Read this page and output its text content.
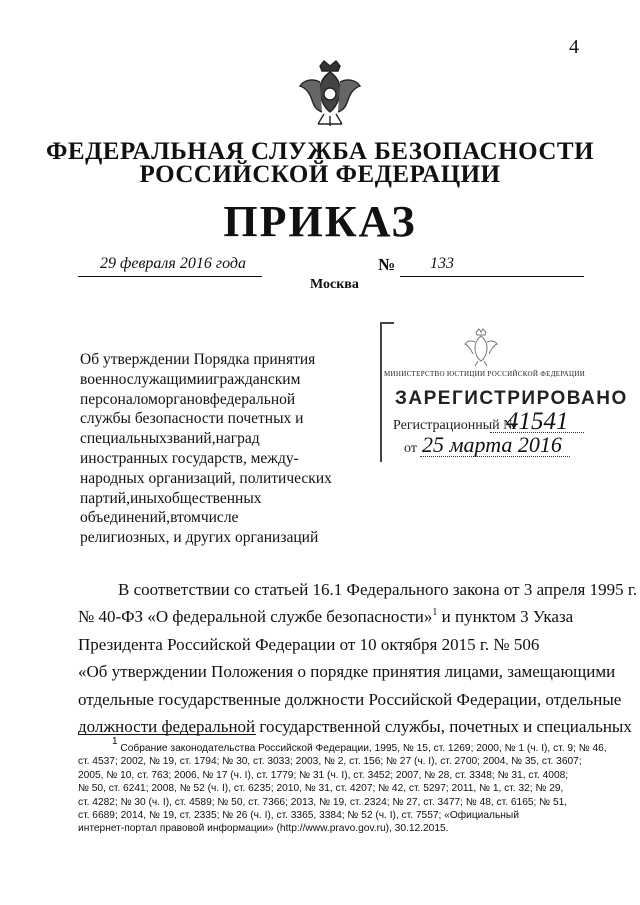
4
ФЕДЕРАЛЬНАЯ СЛУЖБА БЕЗОПАСНОСТИ
РОССИЙСКОЙ ФЕДЕРАЦИИ
ПРИКАЗ
29 февраля 2016 года	№ 133
Москва
Об утверждении Порядка принятия
военнослужащимиигражданским
персоналоморгановфедеральной
службы безопасности почетных и
специальныхзваний,наград
иностранных государств, между-
народных организаций, политических
партий,иныхобщественных
объединений,втомчисле
религиозных, и других организаций
МИНИСТЕРСТВО ЮСТИЦИИ РОССИЙСКОЙ ФЕДЕРАЦИИ
ЗАРЕГИСТРИРОВАНО
Регистрационный №
41541
от 25 марта 2016
В соответствии со статьей 16.1 Федерального закона от 3 апреля 1995 г.
№ 40-ФЗ «О федеральной службе безопасности»$^1$ и пунктом 3 Указа
Президента Российской Федерации от 10 октября 2015 г. № 506
«Об утверждении Положения о порядке принятия лицами, замещающими
отдельные государственные должности Российской Федерации, отдельные
должности федеральной государственной службы, почетных и специальных
$^1$ Собрание законодательства Российской Федерации, 1995, № 15, ст. 1269; 2000, № 1 (ч. I), ст. 9; № 46,
ст. 4537; 2002, № 19, ст. 1794; № 30, ст. 3033; 2003, № 2, ст. 156; № 27 (ч. I), ст. 2700; 2004, № 35, ст. 3607;
2005, № 10, ст. 763; 2006, № 17 (ч. I), ст. 1779; № 31 (ч. I), ст. 3452; 2007, № 28, ст. 3348; № 31, ст. 4008;
№ 50, ст. 6241; 2008, № 52 (ч. I), ст. 6235; 2010, № 31, ст. 4207; № 42, ст. 5297; 2011, № 1, ст. 32; № 29,
ст. 4282; № 30 (ч. I), ст. 4589; № 50, ст. 7366; 2013, № 19, ст. 2324; № 27, ст. 3477; № 48, ст. 6165; № 51,
ст. 6689; 2014, № 19, ст. 2335; № 26 (ч. I), ст. 3365, 3384; № 52 (ч. I), ст. 7557; «Официальный
интернет-портал правовой информации» (http://www.pravo.gov.ru), 30.12.2015.
